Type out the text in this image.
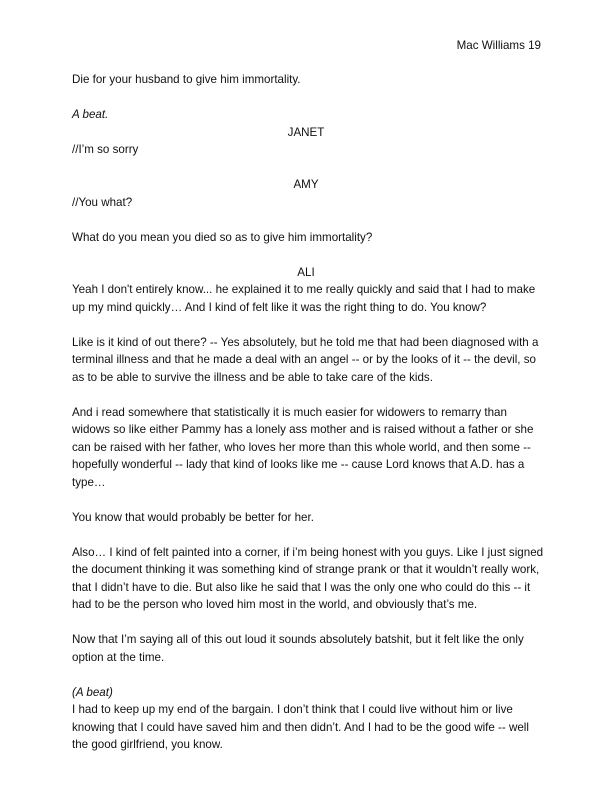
Mac Williams 19

Die for your husband to give him immortality.

A beat.

JANET

//I’m so sorry

AMY

//You what?

What do you mean you died so as to give him immortality?

ALI

Yeah I don't entirely know... he explained it to me really quickly and said that I had to make up my mind quickly… And I kind of felt like it was the right thing to do. You know?

Like is it kind of out there? -- Yes absolutely, but he told me that had been diagnosed with a terminal illness and that he made a deal with an angel -- or by the looks of it -- the devil, so as to be able to survive the illness and be able to take care of the kids.

And i read somewhere that statistically it is much easier for widowers to remarry than widows so like either Pammy has a lonely ass mother and is raised without a father or she can be raised with her father, who loves her more than this whole world, and then some -- hopefully wonderful -- lady that kind of looks like me -- cause Lord knows that A.D. has a type…

You know that would probably be better for her.

Also… I kind of felt painted into a corner, if i’m being honest with you guys. Like I just signed the document thinking it was something kind of strange prank or that it wouldn’t really work, that I didn’t have to die. But also like he said that I was the only one who could do this -- it had to be the person who loved him most in the world, and obviously that’s me.

Now that I’m saying all of this out loud it sounds absolutely batshit, but it felt like the only option at the time.

(A beat)

I had to keep up my end of the bargain. I don’t think that I could live without him or live knowing that I could have saved him and then didn’t. And I had to be the good wife -- well the good girlfriend, you know.
